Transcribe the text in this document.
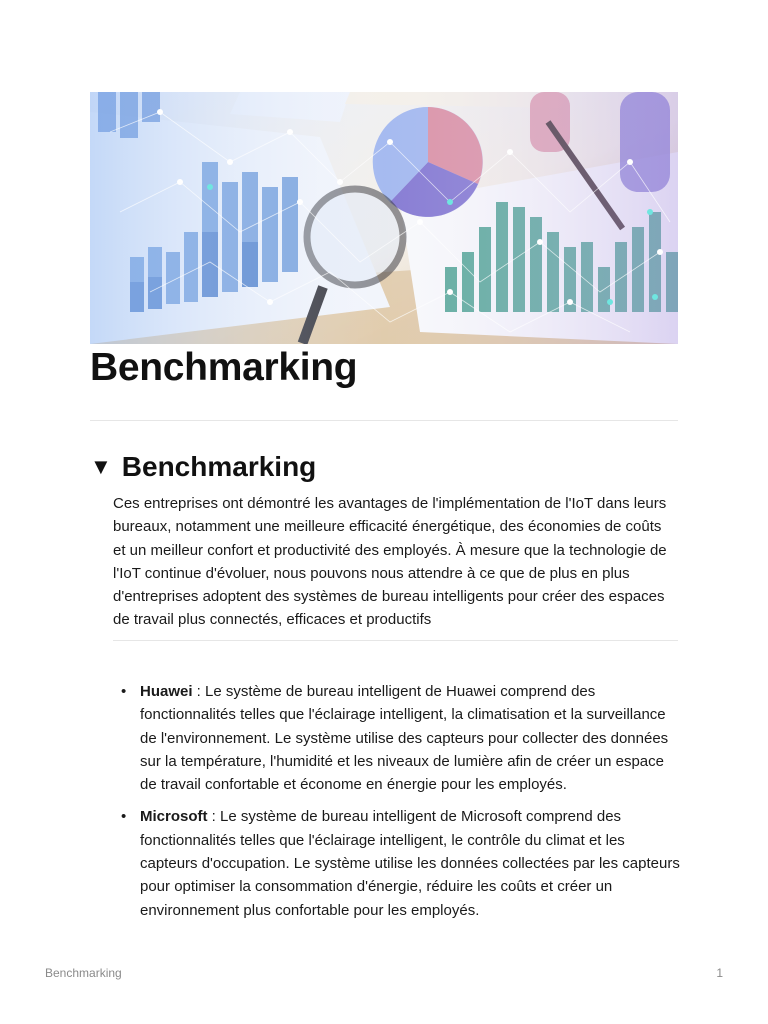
Benchmarking
▼ Benchmarking

Ces entreprises ont démontré les avantages de l'implémentation de l'IoT dans leurs bureaux, notamment une meilleure efficacité énergétique, des économies de coûts et un meilleur confort et productivité des employés. À mesure que la technologie de l'IoT continue d'évoluer, nous pouvons nous attendre à ce que de plus en plus d'entreprises adoptent des systèmes de bureau intelligents pour créer des espaces de travail plus connectés, efficaces et productifs

• Huawei : Le système de bureau intelligent de Huawei comprend des fonctionnalités telles que l'éclairage intelligent, la climatisation et la surveillance de l'environnement. Le système utilise des capteurs pour collecter des données sur la température, l'humidité et les niveaux de lumière afin de créer un espace de travail confortable et économe en énergie pour les employés.
• Microsoft : Le système de bureau intelligent de Microsoft comprend des fonctionnalités telles que l'éclairage intelligent, le contrôle du climat et les capteurs d'occupation. Le système utilise les données collectées par les capteurs pour optimiser la consommation d'énergie, réduire les coûts et créer un environnement plus confortable pour les employés.
Benchmarking	1
